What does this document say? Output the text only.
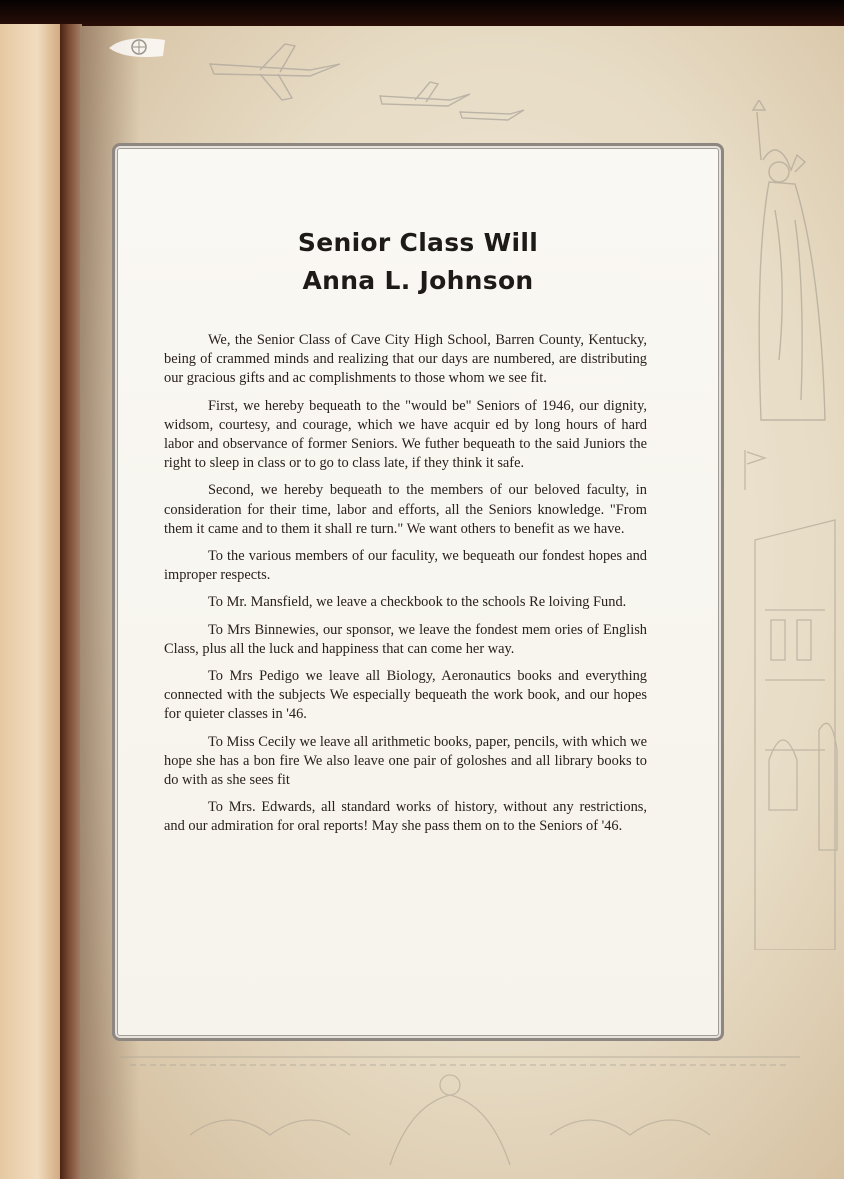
Senior Class Will
Anna L. Johnson

We, the Senior Class of Cave City High School, Barren County, Kentucky, being of crammed minds and realizing that our days are numbered, are distributing our gracious gifts and ac complishments to those whom we see fit.

First, we hereby bequeath to the "would be" Seniors of 1946, our dignity, widsom, courtesy, and courage, which we have acquir ed by long hours of hard labor and observance of former Seniors. We futher bequeath to the said Juniors the right to sleep in class or to go to class late, if they think it safe.

Second, we hereby bequeath to the members of our beloved faculty, in consideration for their time, labor and efforts, all the Seniors knowledge. "From them it came and to them it shall re turn." We want others to benefit as we have.

To the various members of our faculity, we bequeath our fondest hopes and improper respects.

To Mr. Mansfield, we leave a checkbook to the schools Re loiving Fund.

To Mrs Binnewies, our sponsor, we leave the fondest mem ories of English Class, plus all the luck and happiness that can come her way.

To Mrs Pedigo we leave all Biology, Aeronautics books and everything connected with the subjects We especially bequeath the work book, and our hopes for quieter classes in '46.

To Miss Cecily we leave all arithmetic books, paper, pencils, with which we hope she has a bon fire We also leave one pair of goloshes and all library books to do with as she sees fit

To Mrs. Edwards, all standard works of history, without any restrictions, and our admiration for oral reports! May she pass them on to the Seniors of '46.
